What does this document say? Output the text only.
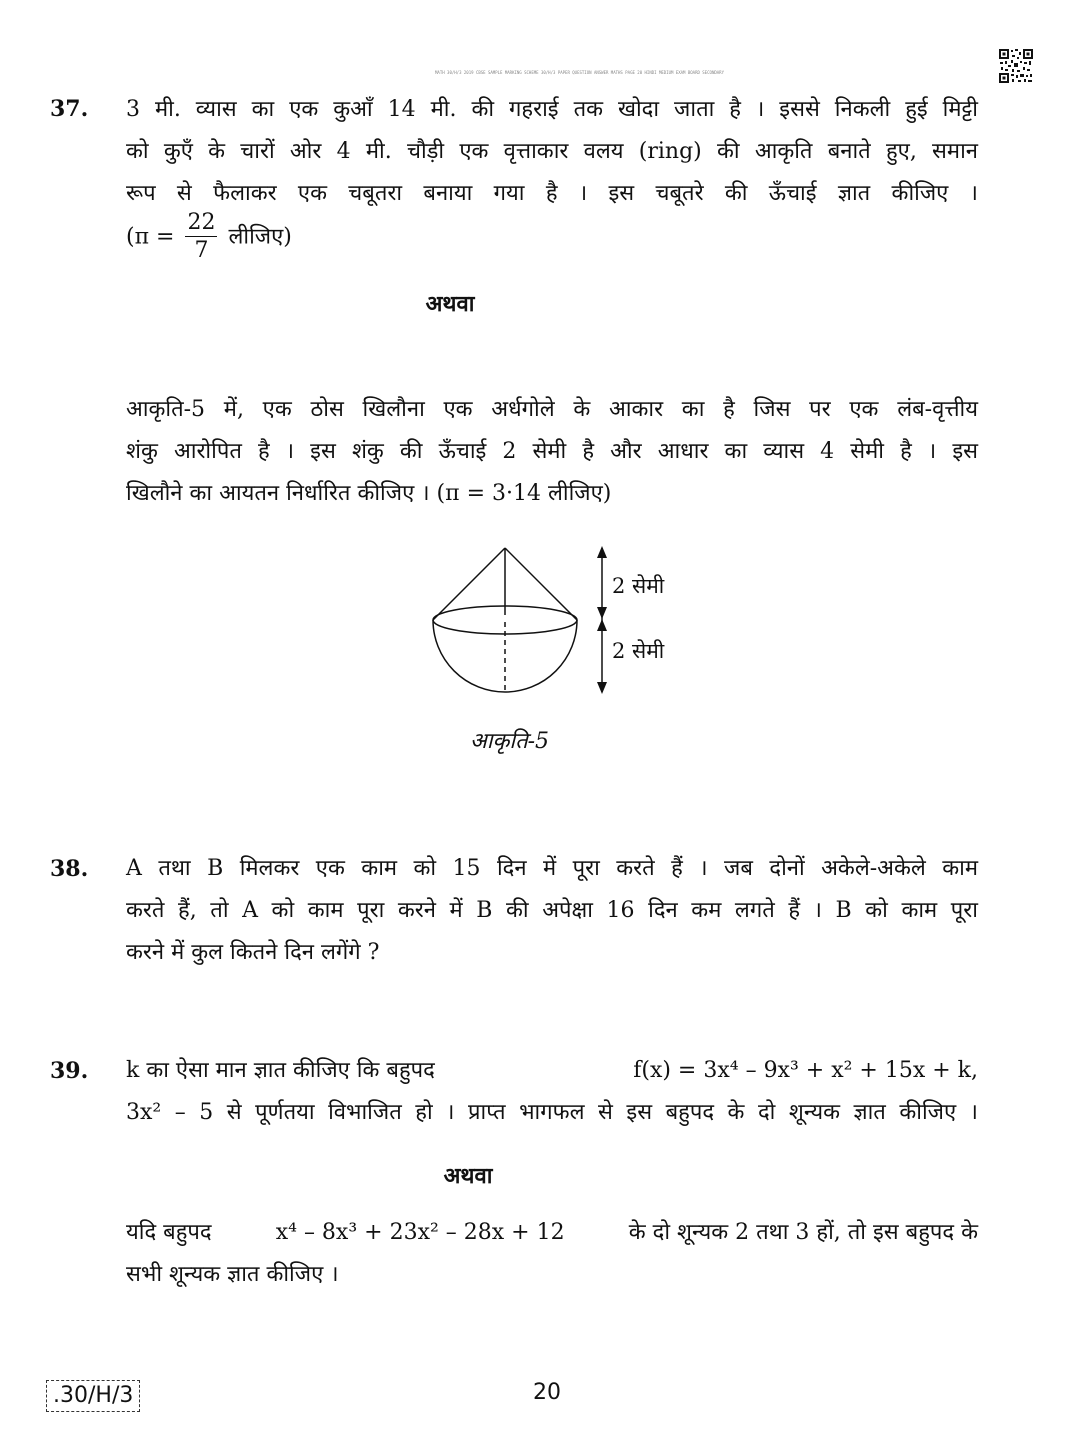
MATH 30/H/3 2019 CBSE SAMPLE MARKING SCHEME 30/H/3 PAPER QUESTION ANSWER MATHS PAGE 20 HINDI MEDIUM EXAM BOARD SECONDARY
37. 3 मी. व्यास का एक कुआँ 14 मी. की गहराई तक खोदा जाता है । इससे निकली हुई मिट्टी
को कुएँ के चारों ओर 4 मी. चौड़ी एक वृत्ताकार वलय (ring) की आकृति बनाते हुए, समान
रूप से फैलाकर एक चबूतरा बनाया गया है । इस चबूतरे की ऊँचाई ज्ञात कीजिए ।
($\pi = \frac{22}{7}$ लीजिए)
अथवा
आकृति-5 में, एक ठोस खिलौना एक अर्धगोले के आकार का है जिस पर एक लंब-वृत्तीय
शंकु आरोपित है । इस शंकु की ऊँचाई 2 सेमी है और आधार का व्यास 4 सेमी है । इस
खिलौने का आयतन निर्धारित कीजिए । (π = 3·14 लीजिए)
2 सेमी
2 सेमी
आकृति-5
38. A तथा B मिलकर एक काम को 15 दिन में पूरा करते हैं । जब दोनों अकेले-अकेले काम
करते हैं, तो A को काम पूरा करने में B की अपेक्षा 16 दिन कम लगते हैं । B को काम पूरा
करने में कुल कितने दिन लगेंगे ?
39. k का ऐसा मान ज्ञात कीजिए कि बहुपद	f(x) = 3x⁴ – 9x³ + x² + 15x + k,
3x² – 5 से पूर्णतया विभाजित हो । प्राप्त भागफल से इस बहुपद के दो शून्यक ज्ञात कीजिए ।
अथवा
यदि बहुपद	x⁴ – 8x³ + 23x² – 28x + 12	के दो शून्यक 2 तथा 3 हों, तो इस बहुपद के
सभी शून्यक ज्ञात कीजिए ।
.30/H/3	20
